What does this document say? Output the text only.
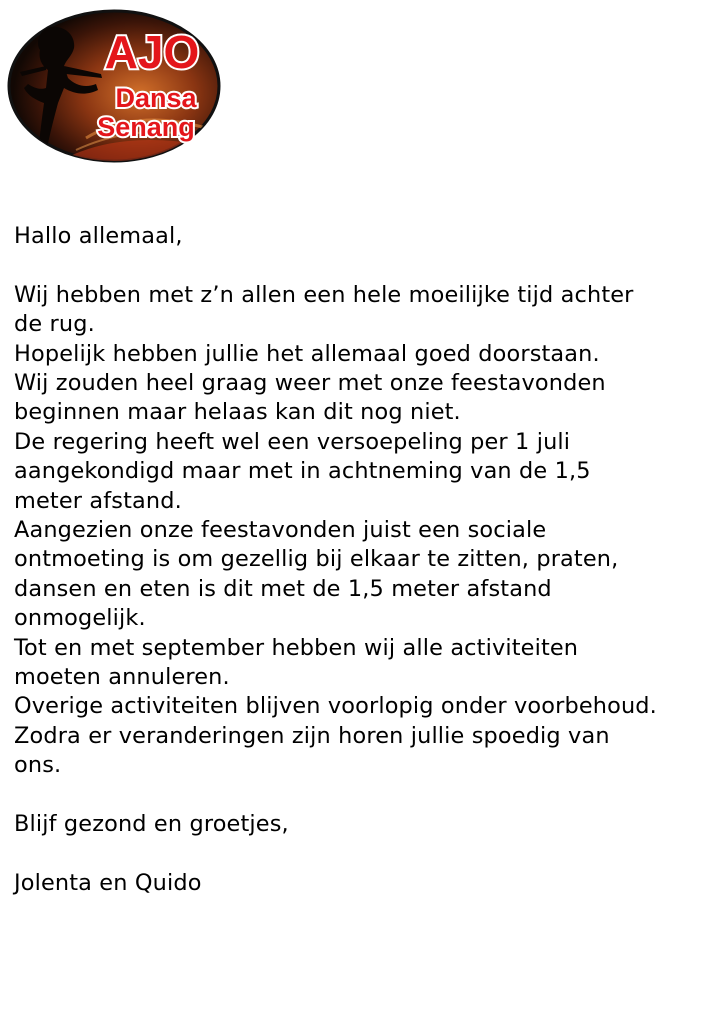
AJO
Dansa
Senang

Hallo allemaal,

Wij hebben met z’n allen een hele moeilijke tijd achter

de rug.

Hopelijk hebben jullie het allemaal goed doorstaan.

Wij zouden heel graag weer met onze feestavonden

beginnen maar helaas kan dit nog niet.

De regering heeft wel een versoepeling per 1 juli

aangekondigd maar met in achtneming van de 1,5

meter afstand.

Aangezien onze feestavonden juist een sociale

ontmoeting is om gezellig bij elkaar te zitten, praten,

dansen en eten is dit met de 1,5 meter afstand

onmogelijk.

Tot en met september hebben wij alle activiteiten

moeten annuleren.

Overige activiteiten blijven voorlopig onder voorbehoud.

Zodra er veranderingen zijn horen jullie spoedig van

ons.

Blijf gezond en groetjes,

Jolenta en Quido
